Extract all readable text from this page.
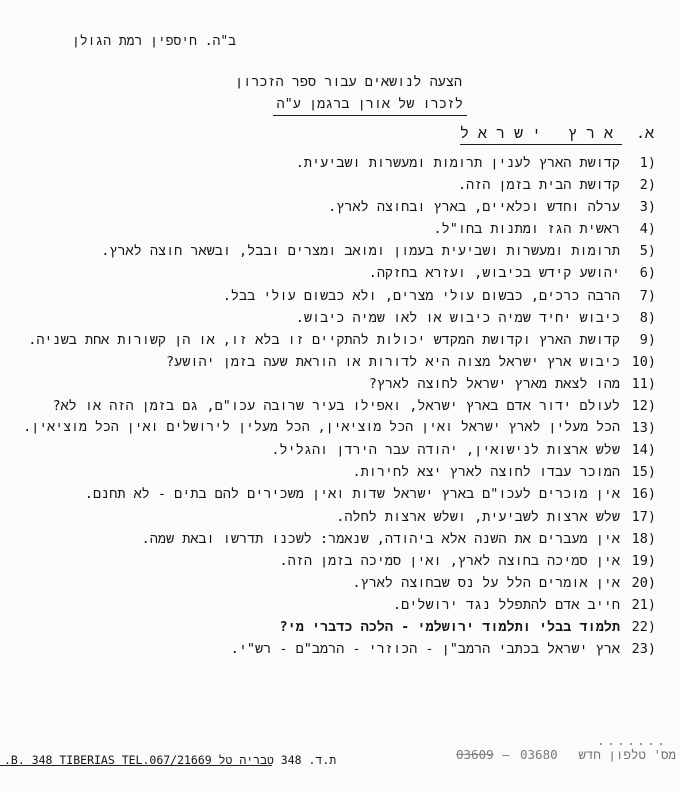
ב"ה. חיספין רמת הגולן
הצעה לנושאים עבור ספר הזכרון
לזכרו של אורן ברגמן ע"ה
א.
ארץ ישראל
1)
קדושת הארץ לענין תרומות ומעשרות ושביעית.
2)
קדושת הבית בזמן הזה.
3)
ערלה וחדש וכלאיים, בארץ ובחוצה לארץ.
4)
ראשית הגז ומתנות בחו"ל.
5)
תרומות ומעשרות ושביעית בעמון ומואב ומצרים ובבל, ובשאר חוצה לארץ.
6)
יהושע קידש בכיבוש, ועזרא בחזקה.
7)
הרבה כרכים, כבשום עולי מצרים, ולא כבשום עולי בבל.
8)
כיבוש יחיד שמיה כיבוש או לאו שמיה כיבוש.
9)
קדושת הארץ וקדושת המקדש יכולות להתקיים זו בלא זו, או הן קשורות אחת בשניה.
10)
כיבוש ארץ ישראל מצוה היא לדורות או הוראת שעה בזמן יהושע?
11)
מהו לצאת מארץ ישראל לחוצה לארץ?
12)
לעולם ידור אדם בארץ ישראל, ואפילו בעיר שרובה עכו"ם, גם בזמן הזה או לא?
13)
הכל מעלין לארץ ישראל ואין הכל מוציאין, הכל מעלין לירושלים ואין הכל מוציאין.
14)
שלש ארצות לנישואין, יהודה עבר הירדן והגליל.
15)
המוכר עבדו לחוצה לארץ יצא לחירות.
16)
אין מוכרים לעכו"ם בארץ ישראל שדות ואין משכירים להם בתים - לא תחנם.
17)
שלש ארצות לשביעית, ושלש ארצות לחלה.
18)
אין מעברים את השנה אלא ביהודה, שנאמר: לשכנו תדרשו ובאת שמה.
19)
אין סמיכה בחוצה לארץ, ואין סמיכה בזמן הזה.
20)
אין אומרים הלל על נס שבחוצה לארץ.
21)
חייב אדם להתפלל נגד ירושלים.
22)
תלמוד בבלי ותלמוד ירושלמי - הלכה כדברי מי?
23)
ארץ ישראל בכתבי הרמב"ן - הכוזרי - הרמב"ם - רש"י.
.B. 348 TIBERIAS TEL.067/21669 ת.ד. 348 טבריה טל	03609 — 03680 מס' טלפון חדש
